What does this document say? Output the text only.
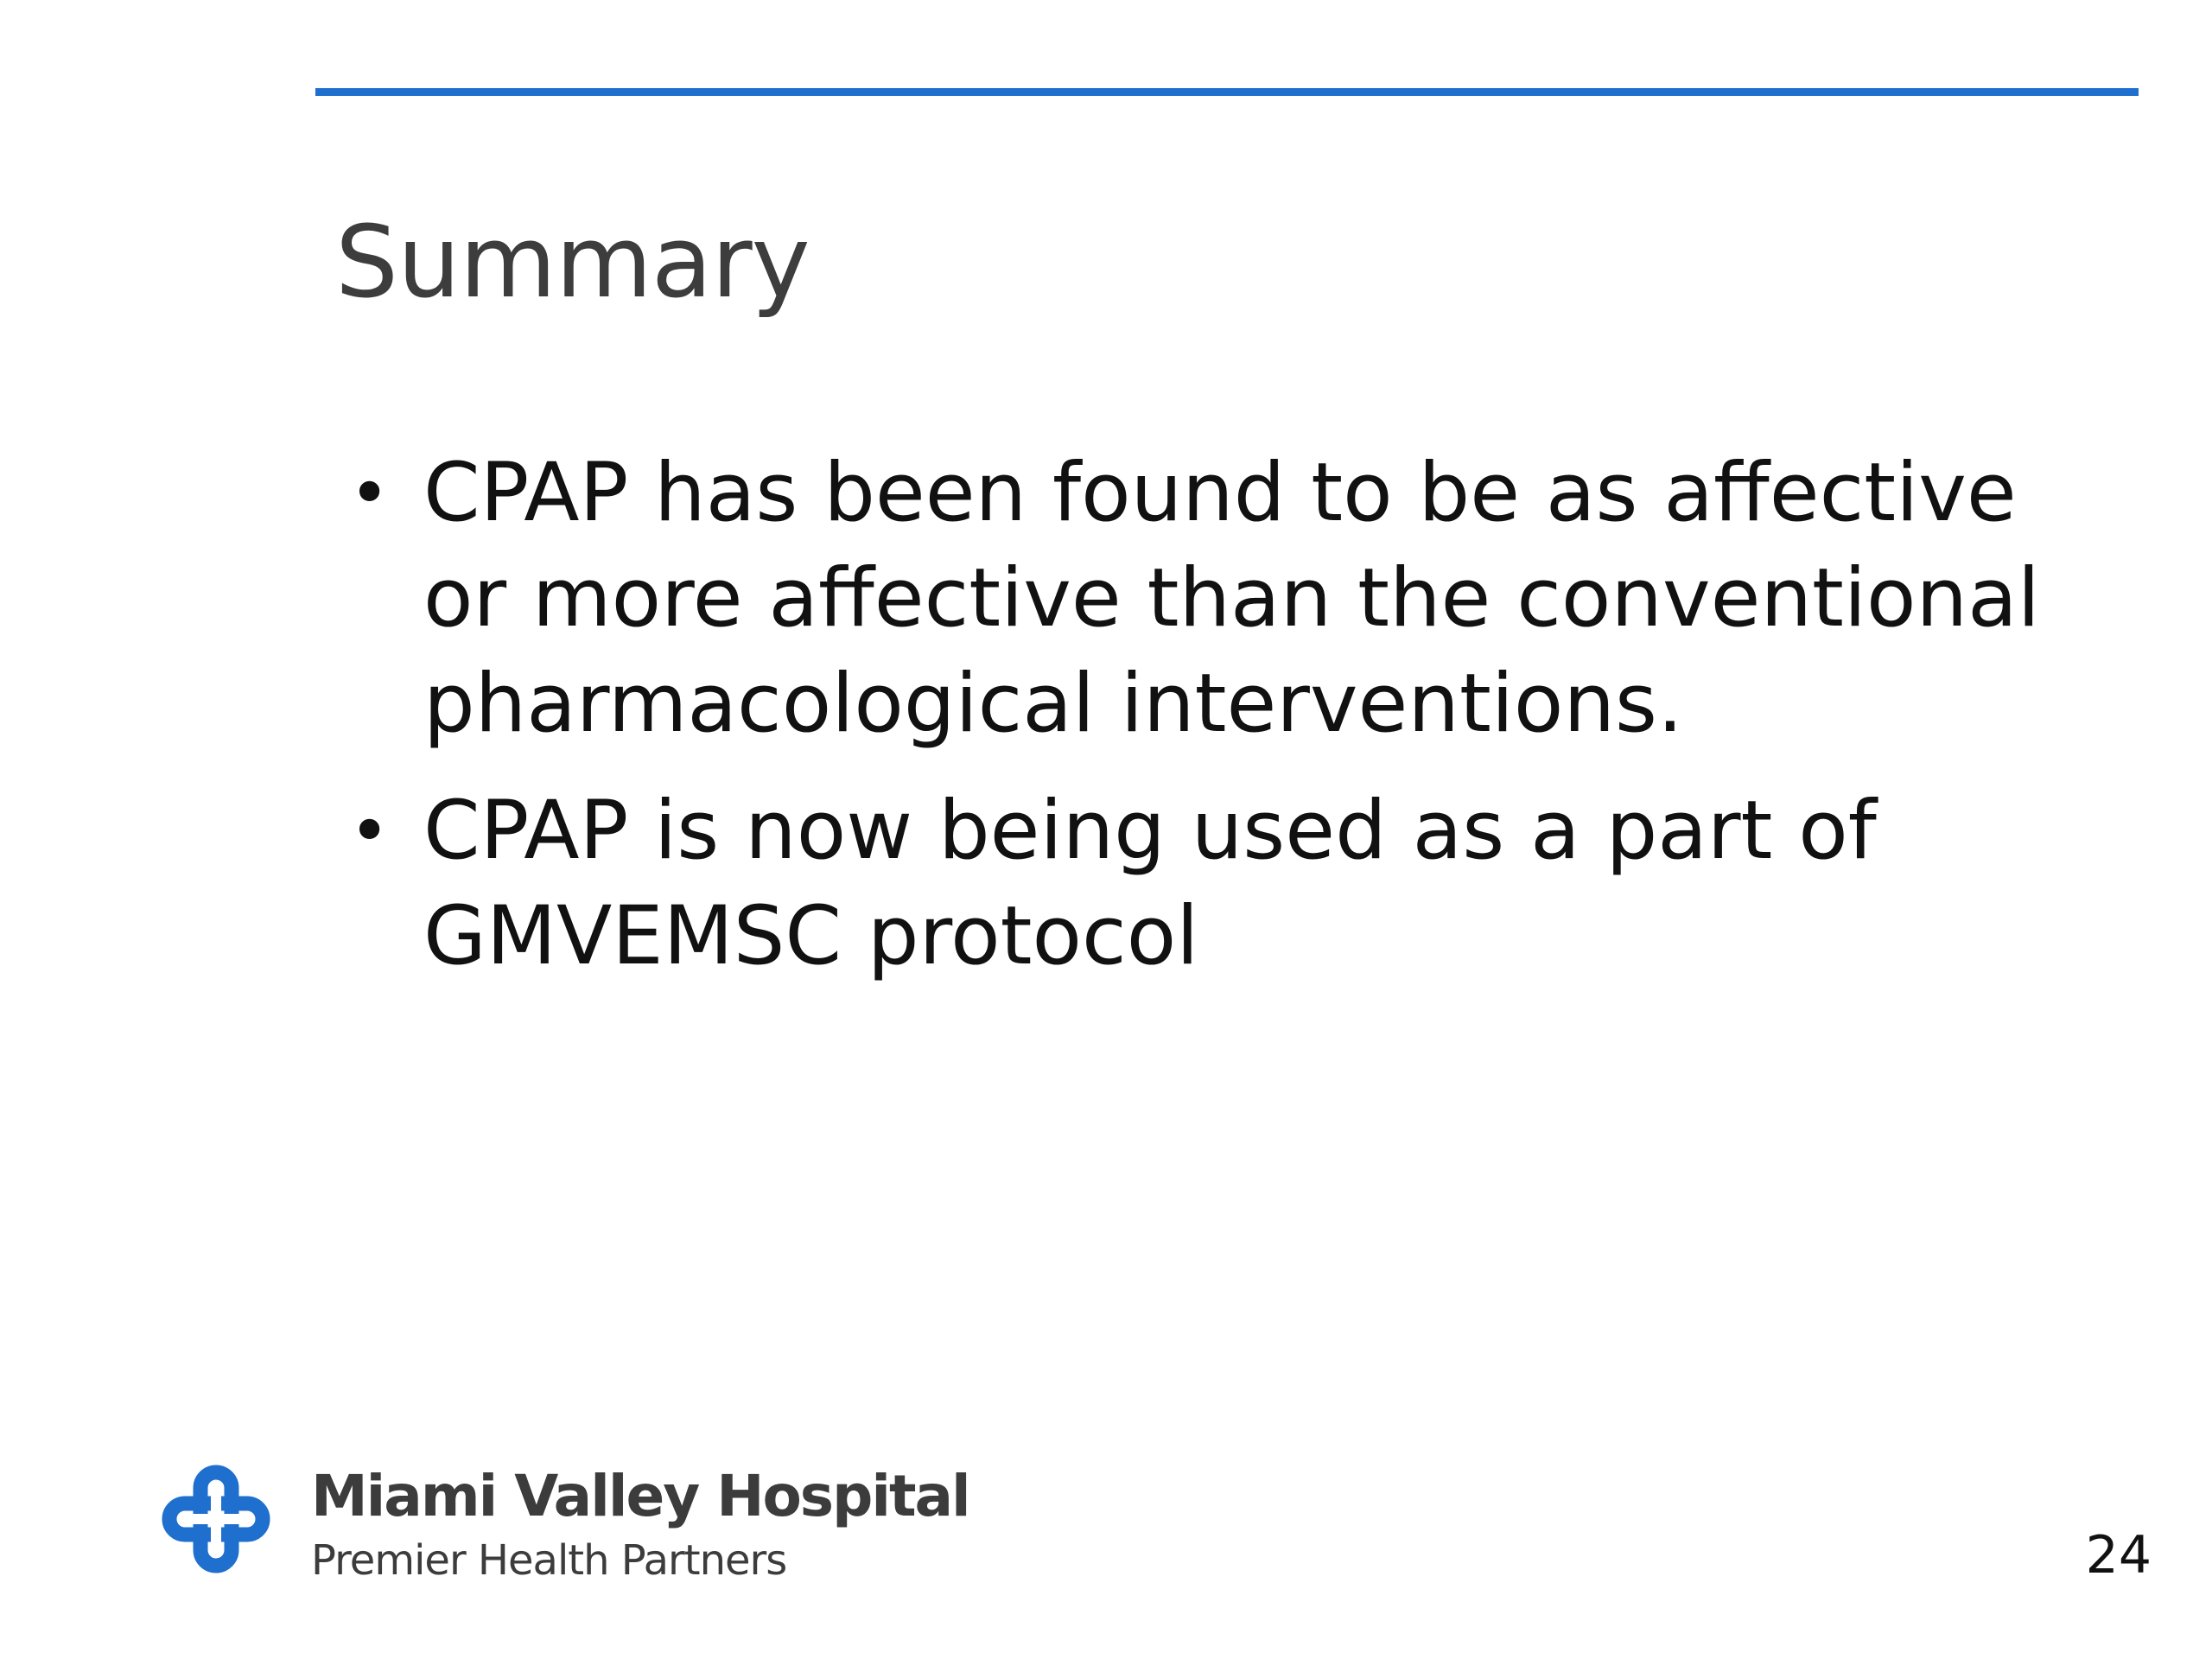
Summary
• CPAP has been found to be as affective or more affective than the conventional pharmacological interventions.
• CPAP is now being used as a part of GMVEMSC protocol
Miami Valley Hospital
Premier Health Partners	24
